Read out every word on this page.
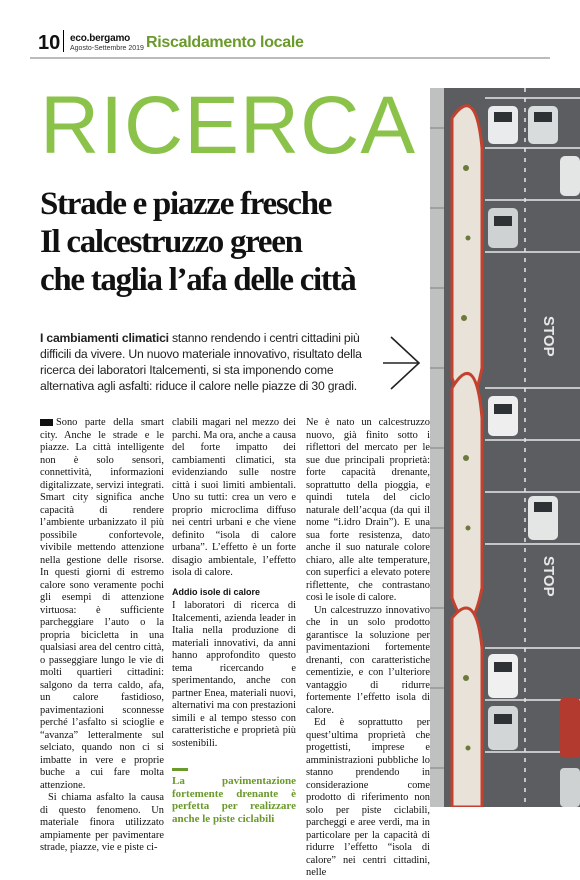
10 eco.bergamo
Agosto-Settembre 2019 Riscaldamento locale
RICERCA
Strade e piazze fresche
Il calcestruzzo green
che taglia l’afa delle città
I cambiamenti climatici stanno rendendo i centri cittadini più difficili da vivere. Un nuovo materiale innovativo, risultato della ricerca dei laboratori Italcementi, si sta imponendo come alternativa agli asfalti: riduce il calore nelle piazze di 30 gradi.

Sono parte della smart city. Anche le strade e le piazze. La città intelligente non è solo sensori, connettività, informazioni digitalizzate, servizi integrati. Smart city significa anche capacità di rendere l’ambiente urbanizzato il più possibile confortevole, vivibile mettendo attenzione nella gestione delle risorse. In questi giorni di estremo calore sono veramente pochi gli esempi di attenzione virtuosa: è sufficiente parcheggiare l’auto o la propria bicicletta in una qualsiasi area del centro città, o passeggiare lungo le vie di molti quartieri cittadini: salgono da terra caldo, afa, un calore fastidioso, pavimentazioni sconnesse perché l’asfalto si scioglie e “avanza” letteralmente sul selciato, quando non ci si imbatte in vere e proprie buche a cui fare molta attenzione.

Si chiama asfalto la causa di questo fenomeno. Un materiale finora utilizzato ampiamente per pavimentare strade, piazze, vie e piste ci-

clabili magari nel mezzo dei parchi. Ma ora, anche a causa del forte impatto dei cambiamenti climatici, sta evidenziando sulle nostre città i suoi limiti ambientali. Uno su tutti: crea un vero e proprio microclima diffuso nei centri urbani e che viene definito “isola di calore urbana”. L’effetto è un forte disagio ambientale, l’effetto isola di calore.

Addio isole di calore

I laboratori di ricerca di Italcementi, azienda leader in Italia nella produzione di materiali innovativi, da anni hanno approfondito questo tema ricercando e sperimentando, anche con partner Enea, materiali nuovi, alternativi ma con prestazioni simili e al tempo stesso con caratteristiche e proprietà più sostenibili.

La pavimentazione fortemente drenante è perfetta per realizzare anche le piste ciclabili

Ne è nato un calcestruzzo nuovo, già finito sotto i riflettori del mercato per le sue due principali proprietà: forte capacità drenante, soprattutto della pioggia, e quindi tutela del ciclo naturale dell’acqua (da qui il nome “i.idro Drain”). E una sua forte resistenza, dato anche il suo naturale colore chiaro, alle alte temperature, con superfici a elevato potere riflettente, che contrastano così le isole di calore.

Un calcestruzzo innovativo che in un solo prodotto garantisce la soluzione per pavimentazioni fortemente drenanti, con caratteristiche cementizie, e con l’ulteriore vantaggio di ridurre fortemente l’effetto isola di calore.

Ed è soprattutto per quest’ultima proprietà che progettisti, imprese e amministrazioni pubbliche lo stanno prendendo in considerazione come prodotto di riferimento non solo per piste ciclabili, parcheggi e aree verdi, ma in particolare per la capacità di ridurre l’effetto “isola di calore” nei centri cittadini, nelle

STOP
STOP
